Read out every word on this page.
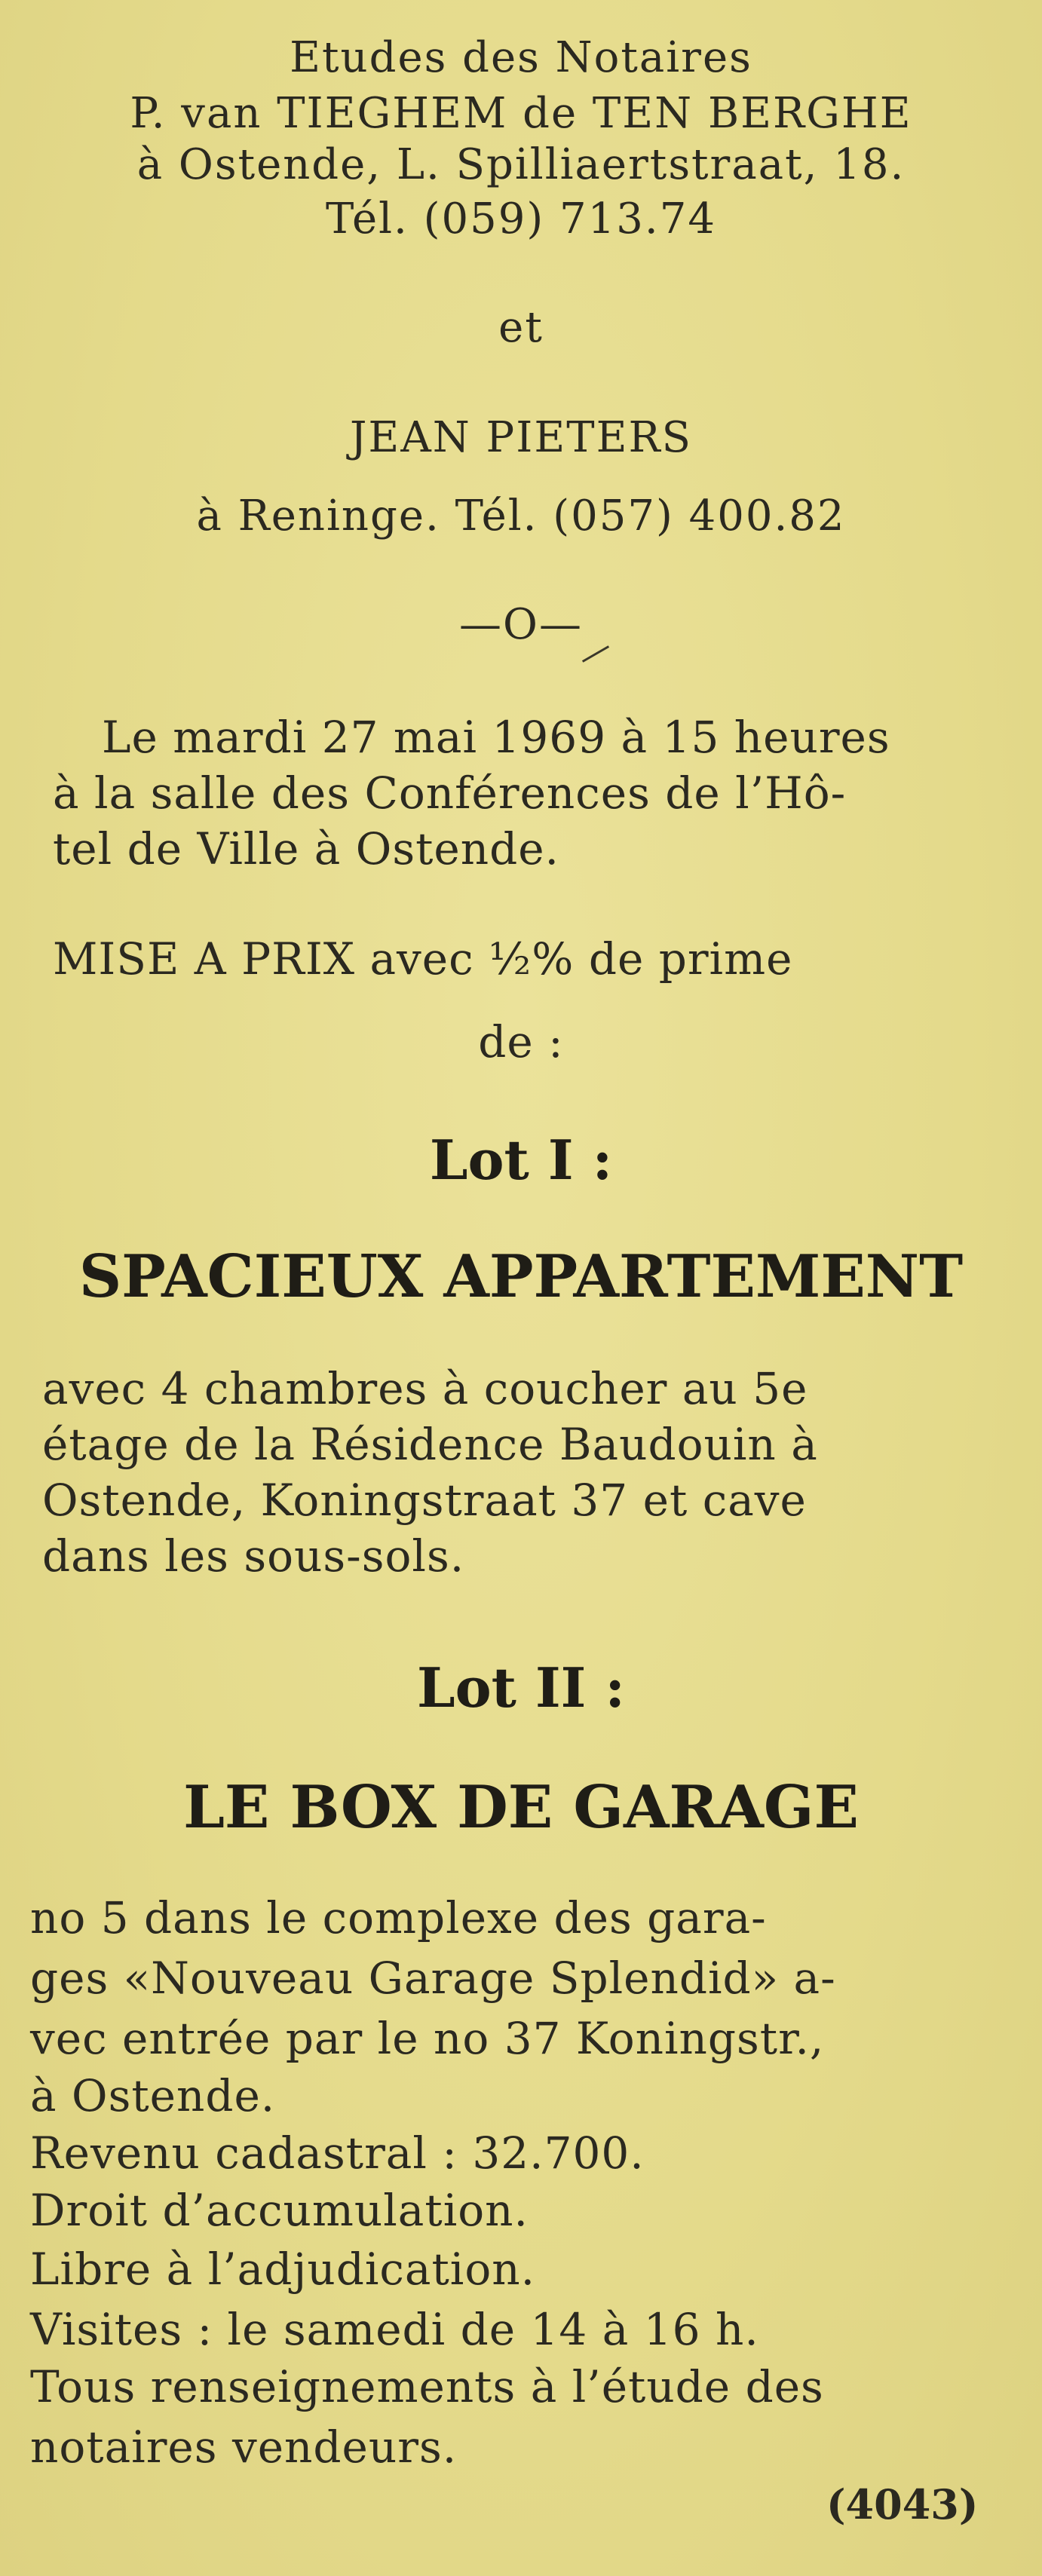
Etudes des Notaires

P. van TIEGHEM de TEN BERGHE

à Ostende, L. Spilliaertstraat, 18.

Tél. (059) 713.74

et

JEAN PIETERS

à Reninge. Tél. (057) 400.82

—O—

Le mardi 27 mai 1969 à 15 heures

à la salle des Conférences de l’Hô-

tel de Ville à Ostende.

MISE A PRIX avec ½% de prime

de :

Lot I :

SPACIEUX APPARTEMENT

avec 4 chambres à coucher au 5e

étage de la Résidence Baudouin à

Ostende, Koningstraat 37 et cave

dans les sous-sols.

Lot II :

LE BOX DE GARAGE

no 5 dans le complexe des gara-

ges «Nouveau Garage Splendid» a-

vec entrée par le no 37 Koningstr.,

à Ostende.

Revenu cadastral : 32.700.

Droit d’accumulation.

Libre à l’adjudication.

Visites : le samedi de 14 à 16 h.

Tous renseignements à l’étude des

notaires vendeurs.

(4043)
